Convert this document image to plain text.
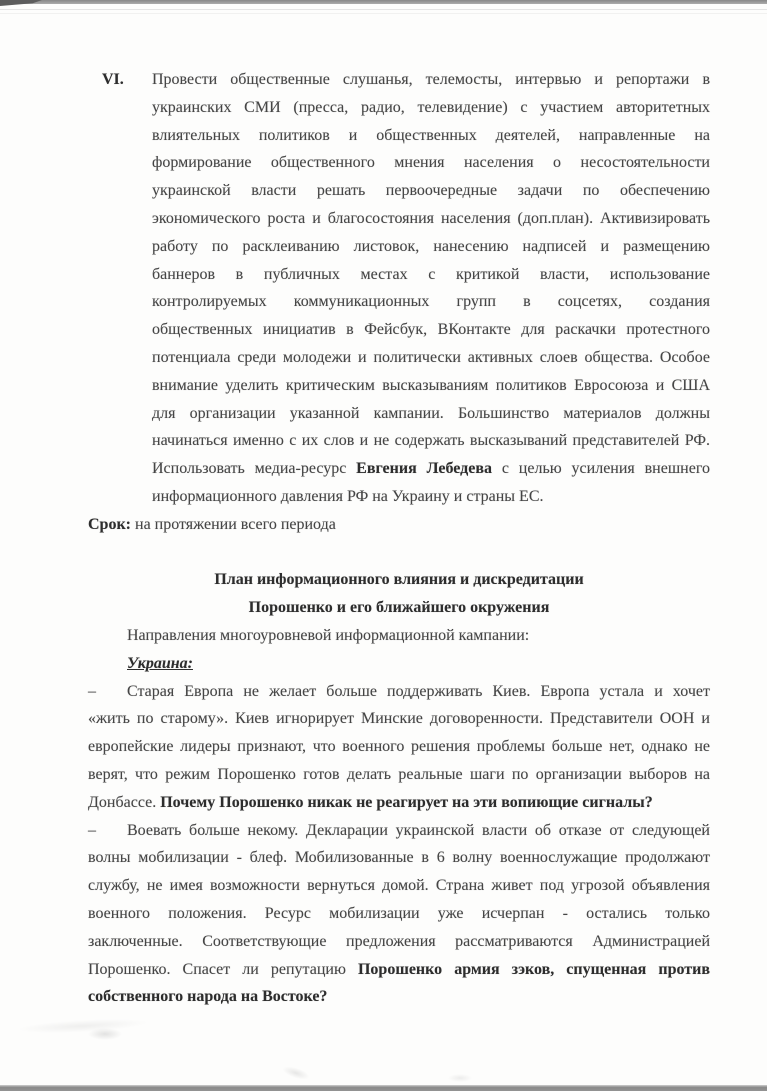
VI. Провести общественные слушанья, телемосты, интервью и репортажи в
украинских СМИ (пресса, радио, телевидение) с участием авторитетных
влиятельных политиков и общественных деятелей, направленные на
формирование общественного мнения населения о несостоятельности
украинской власти решать первоочередные задачи по обеспечению
экономического роста и благосостояния населения (доп.план). Активизировать
работу по расклеиванию листовок, нанесению надписей и размещению
баннеров в публичных местах с критикой власти, использование
контролируемых коммуникационных групп в соцсетях, создания
общественных инициатив в Фейсбук, ВКонтакте для раскачки протестного
потенциала среди молодежи и политически активных слоев общества. Особое
внимание уделить критическим высказываниям политиков Евросоюза и США
для организации указанной кампании. Большинство материалов должны
начинаться именно с их слов и не содержать высказываний представителей РФ.
Использовать медиа-ресурс Евгения Лебедева с целью усиления внешнего
информационного давления РФ на Украину и страны ЕС.
Срок: на протяжении всего периода
План информационного влияния и дискредитации
Порошенко и его ближайшего окружения
Направления многоуровневой информационной кампании:
Украина:
– Старая Европа не желает больше поддерживать Киев. Европа устала и хочет
«жить по старому». Киев игнорирует Минские договоренности. Представители ООН и
европейские лидеры признают, что военного решения проблемы больше нет, однако не
верят, что режим Порошенко готов делать реальные шаги по организации выборов на
Донбассе. Почему Порошенко никак не реагирует на эти вопиющие сигналы?
– Воевать больше некому. Декларации украинской власти об отказе от следующей
волны мобилизации - блеф. Мобилизованные в 6 волну военнослужащие продолжают
службу, не имея возможности вернуться домой. Страна живет под угрозой объявления
военного положения. Ресурс мобилизации уже исчерпан - остались только
заключенные. Соответствующие предложения рассматриваются Администрацией
Порошенко. Спасет ли репутацию Порошенко армия зэков, спущенная против
собственного народа на Востоке?
